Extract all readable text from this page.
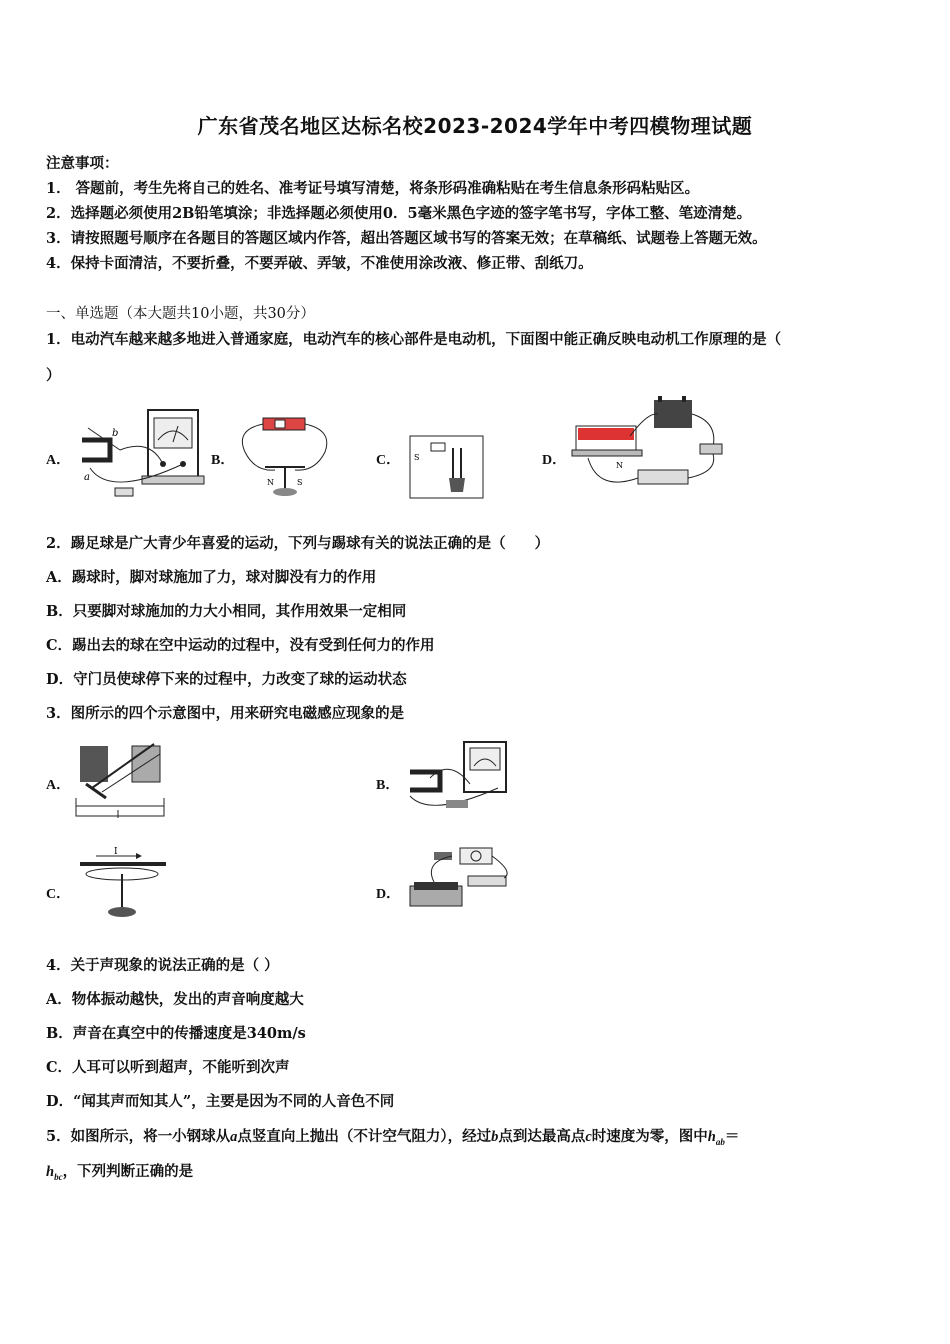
广东省茂名地区达标名校2023-2024学年中考四模物理试题
注意事项：
1． 答题前，考生先将自己的姓名、准考证号填写清楚，将条形码准确粘贴在考生信息条形码粘贴区。
2．选择题必须使用2B铅笔填涂；非选择题必须使用0．5毫米黑色字迹的签字笔书写，字体工整、笔迹清楚。
3．请按照题号顺序在各题目的答题区域内作答，超出答题区域书写的答案无效；在草稿纸、试题卷上答题无效。
4．保持卡面清洁，不要折叠，不要弄破、弄皱，不准使用涂改液、修正带、刮纸刀。
一、单选题（本大题共10小题，共30分）
1．电动汽车越来越多地进入普通家庭，电动汽车的核心部件是电动机，下面图中能正确反映电动机工作原理的是（
）
A．
b
a
B．
N	S
C． S	D．	N
2．踢足球是广大青少年喜爱的运动，下列与踢球有关的说法正确的是（　　）
A．踢球时，脚对球施加了力，球对脚没有力的作用
B．只要脚对球施加的力大小相同，其作用效果一定相同
C．踢出去的球在空中运动的过程中，没有受到任何力的作用
D．守门员使球停下来的过程中，力改变了球的运动状态
3．图所示的四个示意图中，用来研究电磁感应现象的是
A．	B．
C．
I
D．
4．关于声现象的说法正确的是（ ）
A．物体振动越快，发出的声音响度越大
B．声音在真空中的传播速度是340m/s
C．人耳可以听到超声，不能听到次声
D．“闻其声而知其人”，主要是因为不同的人音色不同
5．如图所示，将一小钢球从a点竖直向上抛出（不计空气阻力），经过b点到达最高点c时速度为零，图中$h_{ab}=$
$h_{bc}$，下列判断正确的是
